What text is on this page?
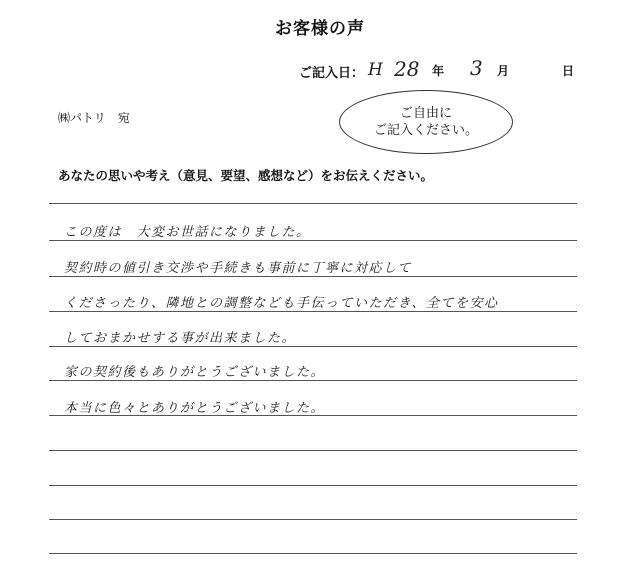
お客様の声
ご記入日： H 28 年 3 月	日
㈱パトリ　宛	ご自由に
ご記入ください。
あなたの思いや考え（意見、要望、感想など）をお伝えください。
この度は　大変お世話になりました。
契約時の値引き交渉や手続きも事前に丁寧に対応して
くださったり、隣地との調整なども手伝っていただき、全てを安心
しておまかせする事が出来ました。
家の契約後もありがとうございました。
本当に色々とありがとうございました。
